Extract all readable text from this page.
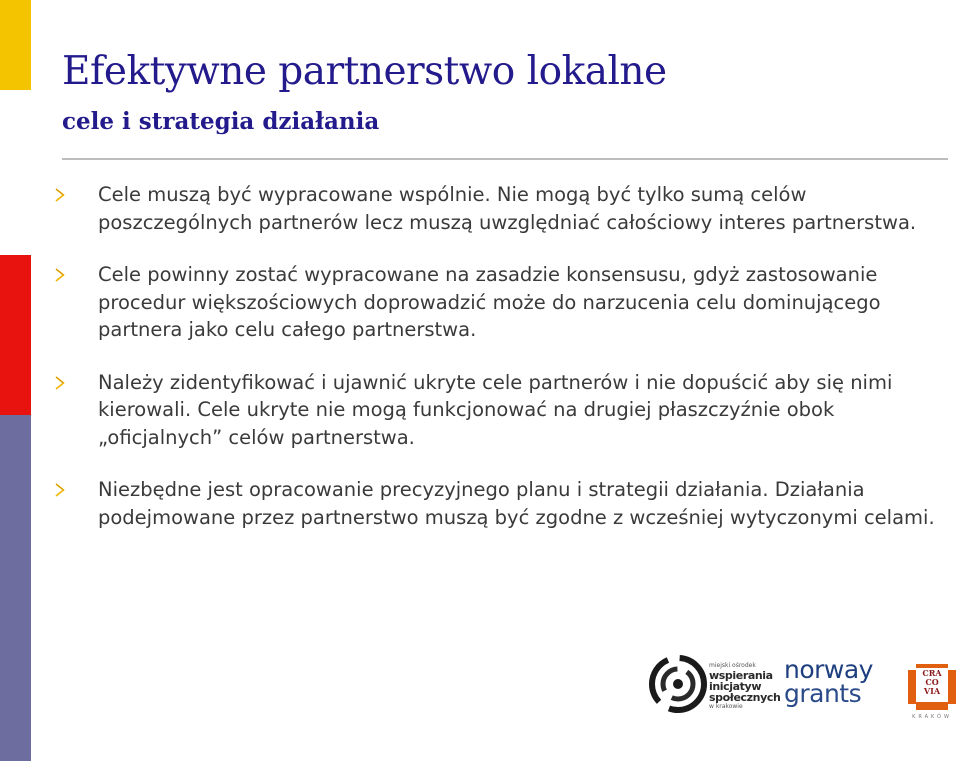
Efektywne partnerstwo lokalne
cele i strategia działania
Cele muszą być wypracowane wspólnie. Nie mogą być tylko sumą celów poszczególnych partnerów lecz muszą uwzględniać całościowy interes partnerstwa.
Cele powinny zostać wypracowane na zasadzie konsensusu, gdyż zastosowanie procedur większościowych doprowadzić może do narzucenia celu dominującego partnera jako celu całego partnerstwa.
Należy zidentyfikować i ujawnić ukryte cele partnerów i nie dopuścić aby się nimi kierowali. Cele ukryte nie mogą funkcjonować na drugiej płaszczyźnie obok „oficjalnych” celów partnerstwa.
Niezbędne jest opracowanie precyzyjnego planu i strategii działania. Działania podejmowane przez partnerstwo muszą być zgodne z wcześniej wytyczonymi celami.
miejski ośrodek
wspierania
inicjatyw
społecznych
w krakowie
norway
grants
CRA
CO
VIA
KRAKÓW
